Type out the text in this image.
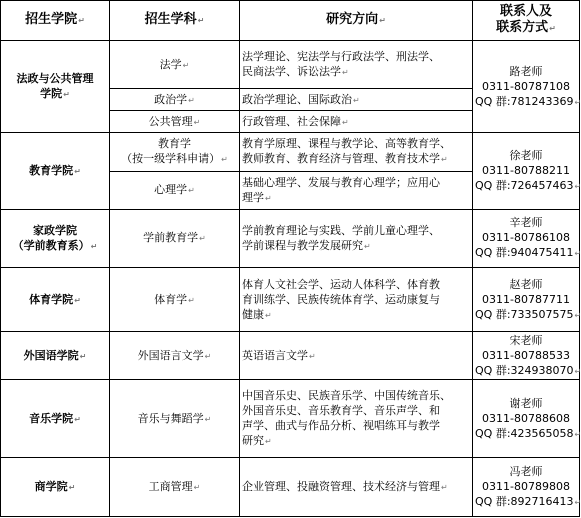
招生学院↵	招生学科↵	研究方向↵	联系人及
联系方式↵

法政与公共管理
学院↵	法学↵	法学理论、宪法学与行政法学、刑法学、
民商法学、诉讼法学↵	路老师
0311-80787108
QQ 群:781243369↵

	政治学↵	政治学理论、国际政治↵	

	公共管理↵	行政管理、社会保障↵	

教育学院↵	教育学
（按一级学科申请）↵	教育学原理、课程与教学论、高等教育学、
教师教育、教育经济与管理、教育技术学↵	徐老师
0311-80788211
QQ 群:726457463↵

	心理学↵	基础心理学、发展与教育心理学；应用心
理学↵	

家政学院
（学前教育系）↵	学前教育学↵	学前教育理论与实践、学前儿童心理学、
学前课程与教学发展研究↵	辛老师
0311-80786108
QQ 群:940475411↵

体育学院↵	体育学↵	体育人文社会学、运动人体科学、体育教
育训练学、民族传统体育学、运动康复与
健康↵	赵老师
0311-80787711
QQ 群:733507575↵

外国语学院↵	外国语言文学↵	英语语言文学↵	宋老师
0311-80788533
QQ 群:324938070↵

音乐学院↵	音乐与舞蹈学↵	中国音乐史、民族音乐学、中国传统音乐、
外国音乐史、音乐教育学、音乐声学、和
声学、曲式与作品分析、视唱练耳与教学
研究↵	谢老师
0311-80788608
QQ 群:423565058↵

商学院↵	工商管理↵	企业管理、投融资管理、技术经济与管理↵	冯老师
0311-80789808
QQ 群:892716413↵
